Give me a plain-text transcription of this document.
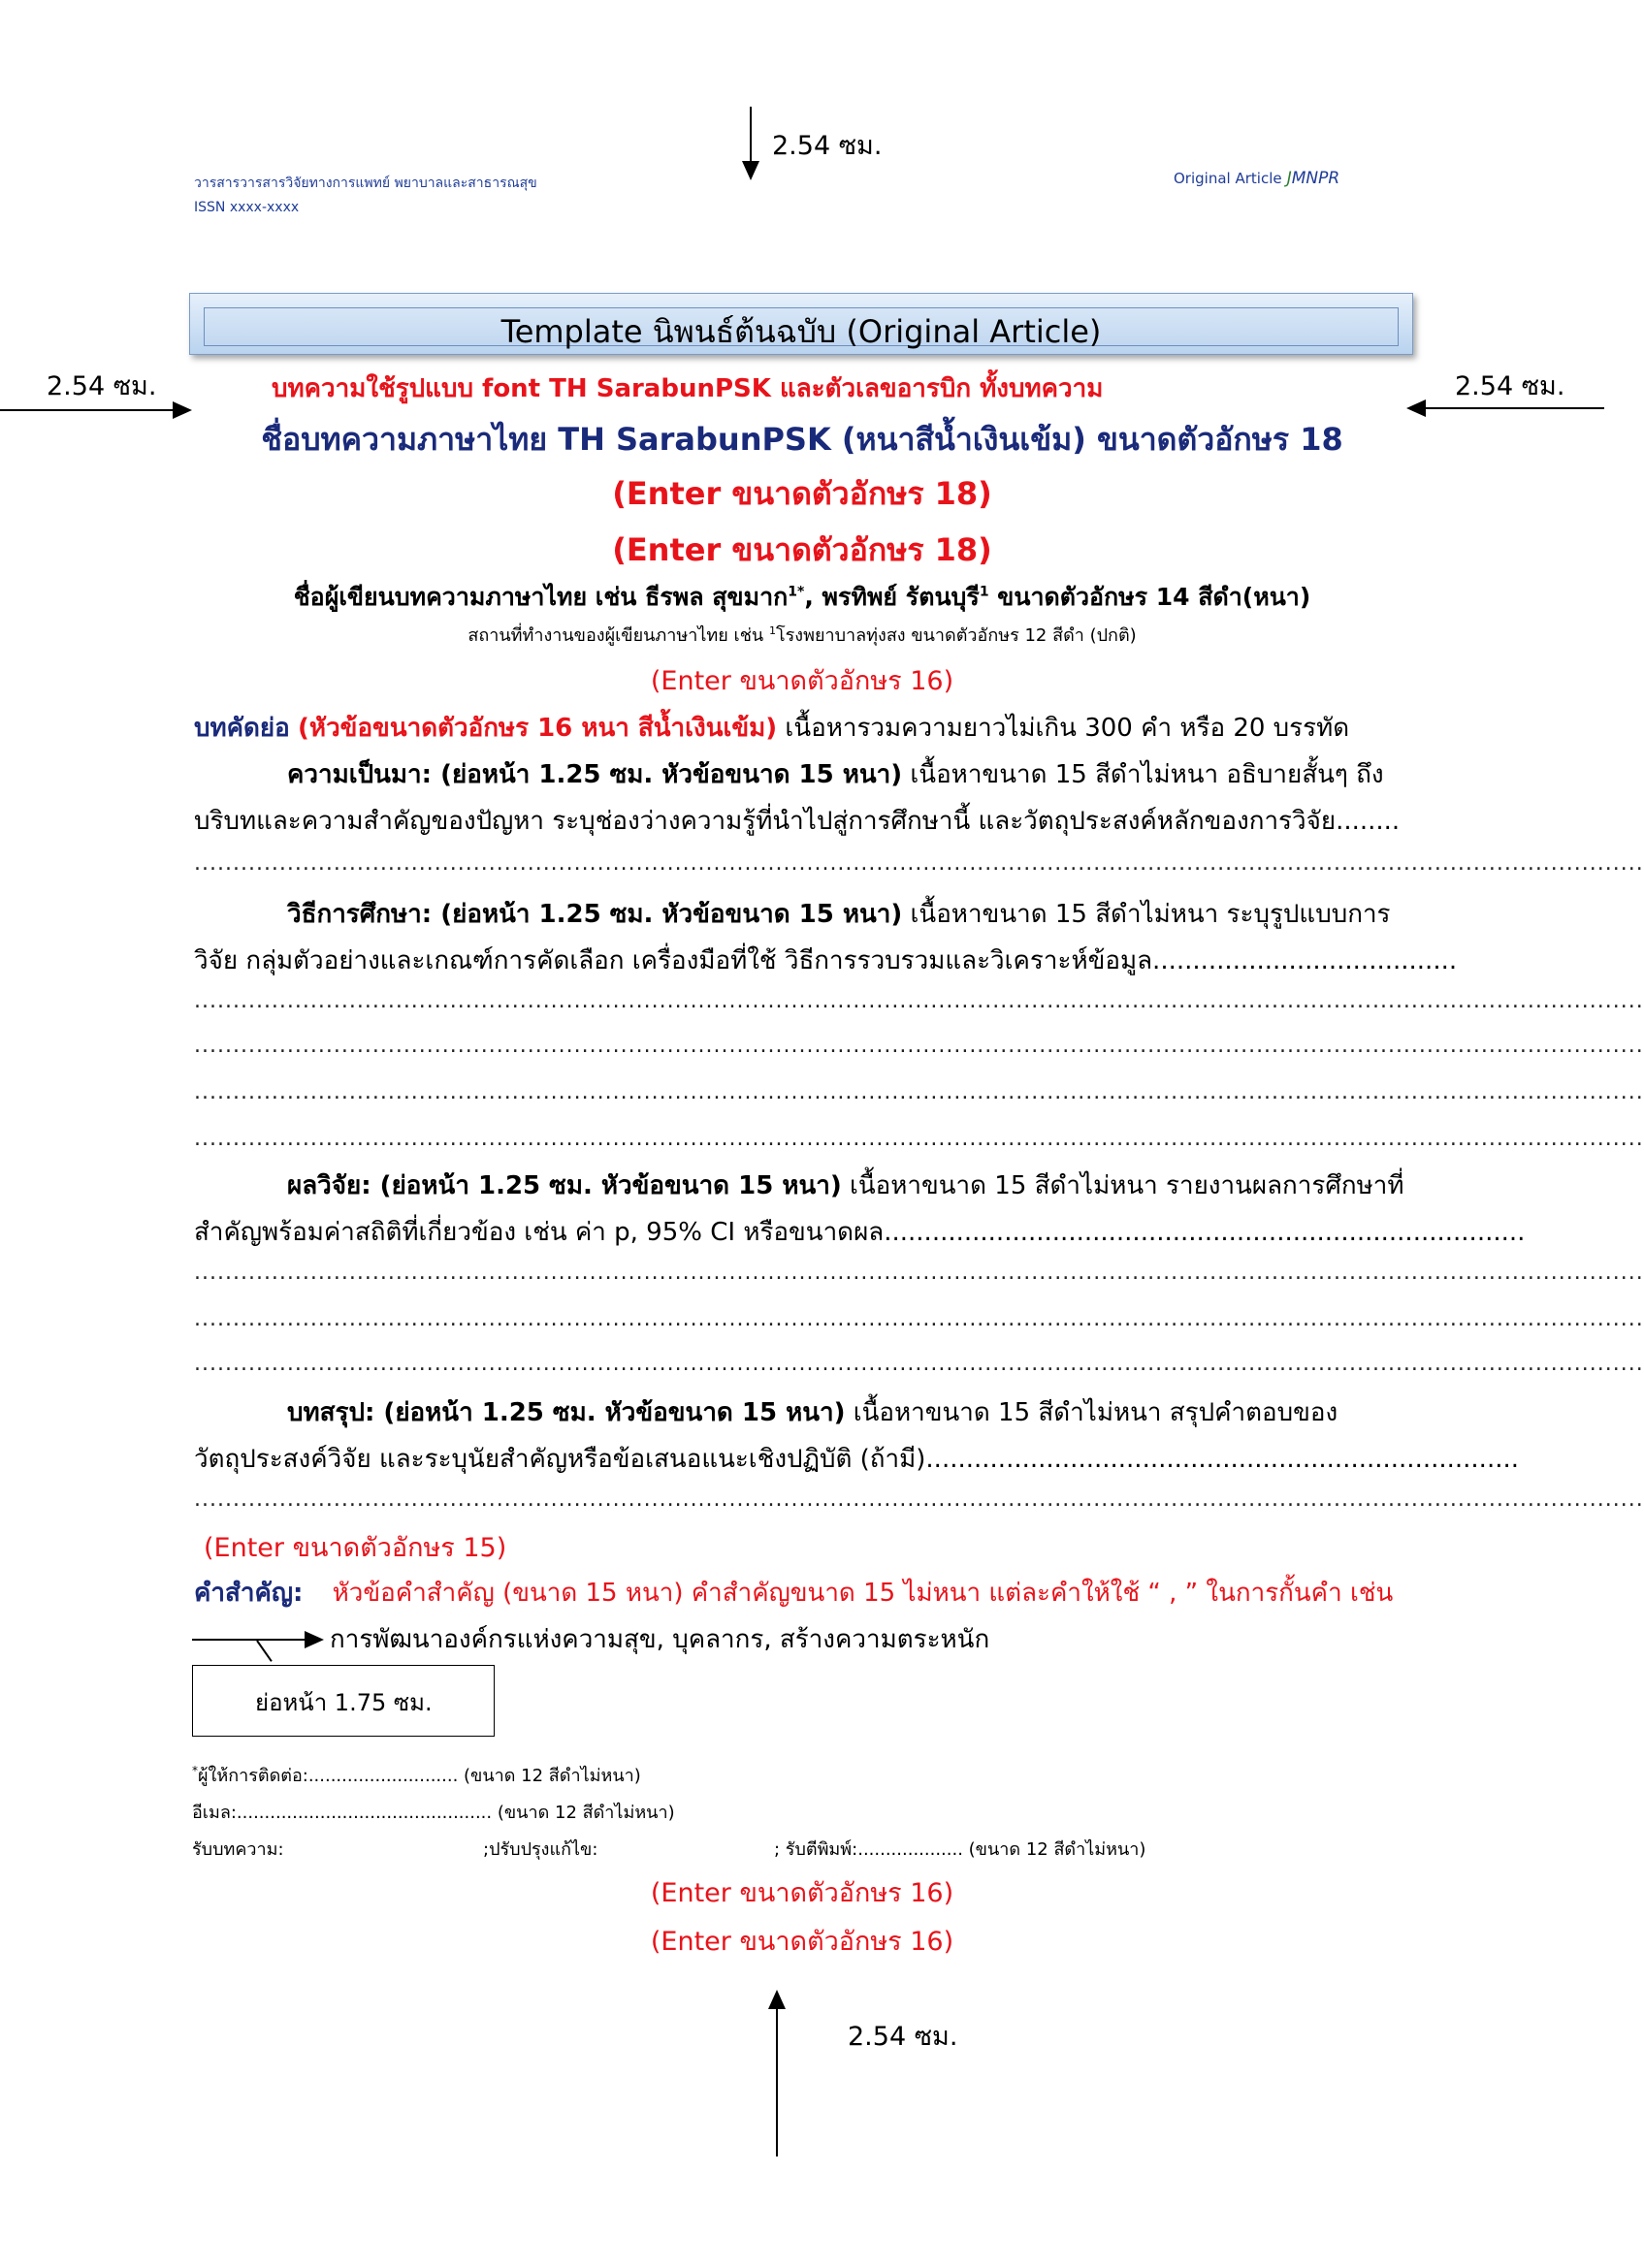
2.54 ซม.
วารสารวารสารวิจัยทางการแพทย์ พยาบาลและสาธารณสุข
ISSN xxxx-xxxx
Original Article JMNPR
Template นิพนธ์ต้นฉบับ (Original Article)
2.54 ซม.	2.54 ซม.
บทความใช้รูปแบบ font TH SarabunPSK และตัวเลขอารบิก ทั้งบทความ
ชื่อบทความภาษาไทย TH SarabunPSK (หนาสีน้ำเงินเข้ม) ขนาดตัวอักษร 18
(Enter ขนาดตัวอักษร 18)
(Enter ขนาดตัวอักษร 18)
ชื่อผู้เขียนบทความภาษาไทย เช่น ธีรพล สุขมาก$^{1*}$, พรทิพย์ รัตนบุรี$^1$ ขนาดตัวอักษร 14 สีดำ(หนา)
สถานที่ทำงานของผู้เขียนภาษาไทย เช่น $^1$โรงพยาบาลทุ่งสง ขนาดตัวอักษร 12 สีดำ (ปกติ)
(Enter ขนาดตัวอักษร 16)
บทคัดย่อ (หัวข้อขนาดตัวอักษร 16 หนา สีน้ำเงินเข้ม) เนื้อหารวมความยาวไม่เกิน 300 คำ หรือ 20 บรรทัด
ความเป็นมา: (ย่อหน้า 1.25 ซม. หัวข้อขนาด 15 หนา) เนื้อหาขนาด 15 สีดำไม่หนา อธิบายสั้นๆ ถึง
บริบทและความสำคัญของปัญหา ระบุช่องว่างความรู้ที่นำไปสู่การศึกษานี้ และวัตถุประสงค์หลักของการวิจัย........
...........................................................................................................................................................................................
วิธีการศึกษา: (ย่อหน้า 1.25 ซม. หัวข้อขนาด 15 หนา) เนื้อหาขนาด 15 สีดำไม่หนา ระบุรูปแบบการ
วิจัย กลุ่มตัวอย่างและเกณฑ์การคัดเลือก เครื่องมือที่ใช้ วิธีการรวบรวมและวิเคราะห์ข้อมูล......................................
...........................................................................................................................................................................................
...........................................................................................................................................................................................
...........................................................................................................................................................................................
...........................................................................................................................................................................................
ผลวิจัย: (ย่อหน้า 1.25 ซม. หัวข้อขนาด 15 หนา) เนื้อหาขนาด 15 สีดำไม่หนา รายงานผลการศึกษาที่
สำคัญพร้อมค่าสถิติที่เกี่ยวข้อง เช่น ค่า p, 95% CI หรือขนาดผล................................................................................
...........................................................................................................................................................................................
...........................................................................................................................................................................................
...........................................................................................................................................................................................
บทสรุป: (ย่อหน้า 1.25 ซม. หัวข้อขนาด 15 หนา) เนื้อหาขนาด 15 สีดำไม่หนา สรุปคำตอบของ
วัตถุประสงค์วิจัย และระบุนัยสำคัญหรือข้อเสนอแนะเชิงปฏิบัติ (ถ้ามี)..........................................................................
...........................................................................................................................................................................................
(Enter ขนาดตัวอักษร 15)
คำสำคัญ: หัวข้อคำสำคัญ (ขนาด 15 หนา) คำสำคัญขนาด 15 ไม่หนา แต่ละคำให้ใช้ “ , ” ในการกั้นคำ เช่น
การพัฒนาองค์กรแห่งความสุข, บุคลากร, สร้างความตระหนัก
ย่อหน้า 1.75 ซม.
*ผู้ให้การติดต่อ:........................... (ขนาด 12 สีดำไม่หนา)
อีเมล:.............................................. (ขนาด 12 สีดำไม่หนา)
รับบทความ:	;ปรับปรุงแก้ไข:	; รับตีพิมพ์:................... (ขนาด 12 สีดำไม่หนา)
(Enter ขนาดตัวอักษร 16)
(Enter ขนาดตัวอักษร 16)
2.54 ซม.
